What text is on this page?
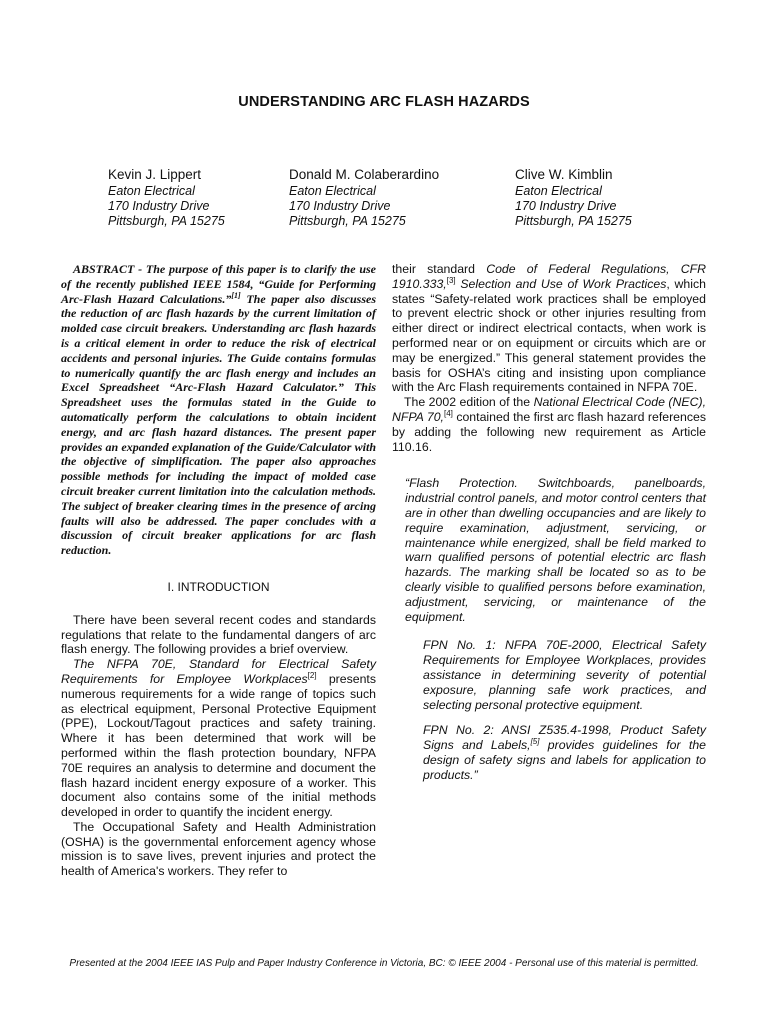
UNDERSTANDING ARC FLASH HAZARDS
Kevin J. Lippert
Eaton Electrical
170 Industry Drive
Pittsburgh, PA 15275
Donald M. Colaberardino
Eaton Electrical
170 Industry Drive
Pittsburgh, PA 15275
Clive W. Kimblin
Eaton Electrical
170 Industry Drive
Pittsburgh, PA 15275

ABSTRACT - The purpose of this paper is to clarify the use of the recently published IEEE 1584, “Guide for Performing Arc-Flash Hazard Calculations.”[1] The paper also discusses the reduction of arc flash hazards by the current limitation of molded case circuit breakers. Understanding arc flash hazards is a critical element in order to reduce the risk of electrical accidents and personal injuries. The Guide contains formulas to numerically quantify the arc flash energy and includes an Excel Spreadsheet “Arc-Flash Hazard Calculator.” This Spreadsheet uses the formulas stated in the Guide to automatically perform the calculations to obtain incident energy, and arc flash hazard distances. The present paper provides an expanded explanation of the Guide/Calculator with the objective of simplification. The paper also approaches possible methods for including the impact of molded case circuit breaker current limitation into the calculation methods. The subject of breaker clearing times in the presence of arcing faults will also be addressed. The paper concludes with a discussion of circuit breaker applications for arc flash reduction.

I. INTRODUCTION

There have been several recent codes and standards regulations that relate to the fundamental dangers of arc flash energy. The following provides a brief overview.

The NFPA 70E, Standard for Electrical Safety Requirements for Employee Workplaces[2] presents numerous requirements for a wide range of topics such as electrical equipment, Personal Protective Equipment (PPE), Lockout/Tagout practices and safety training. Where it has been determined that work will be performed within the flash protection boundary, NFPA 70E requires an analysis to determine and document the flash hazard incident energy exposure of a worker. This document also contains some of the initial methods developed in order to quantify the incident energy.

The Occupational Safety and Health Administration (OSHA) is the governmental enforcement agency whose mission is to save lives, prevent injuries and protect the health of America's workers. They refer to

their standard Code of Federal Regulations, CFR 1910.333,[3] Selection and Use of Work Practices, which states “Safety-related work practices shall be employed to prevent electric shock or other injuries resulting from either direct or indirect electrical contacts, when work is performed near or on equipment or circuits which are or may be energized.” This general statement provides the basis for OSHA’s citing and insisting upon compliance with the Arc Flash requirements contained in NFPA 70E.

The 2002 edition of the National Electrical Code (NEC), NFPA 70,[4] contained the first arc flash hazard references by adding the following new requirement as Article 110.16.

“Flash Protection. Switchboards, panelboards, industrial control panels, and motor control centers that are in other than dwelling occupancies and are likely to require examination, adjustment, servicing, or maintenance while energized, shall be field marked to warn qualified persons of potential electric arc flash hazards. The marking shall be located so as to be clearly visible to qualified persons before examination, adjustment, servicing, or maintenance of the equipment.

FPN No. 1: NFPA 70E-2000, Electrical Safety Requirements for Employee Workplaces, provides assistance in determining severity of potential exposure, planning safe work practices, and selecting personal protective equipment.

FPN No. 2: ANSI Z535.4-1998, Product Safety Signs and Labels,[5] provides guidelines for the design of safety signs and labels for application to products.”

Presented at the 2004 IEEE IAS Pulp and Paper Industry Conference in Victoria, BC: © IEEE 2004 - Personal use of this material is permitted.
